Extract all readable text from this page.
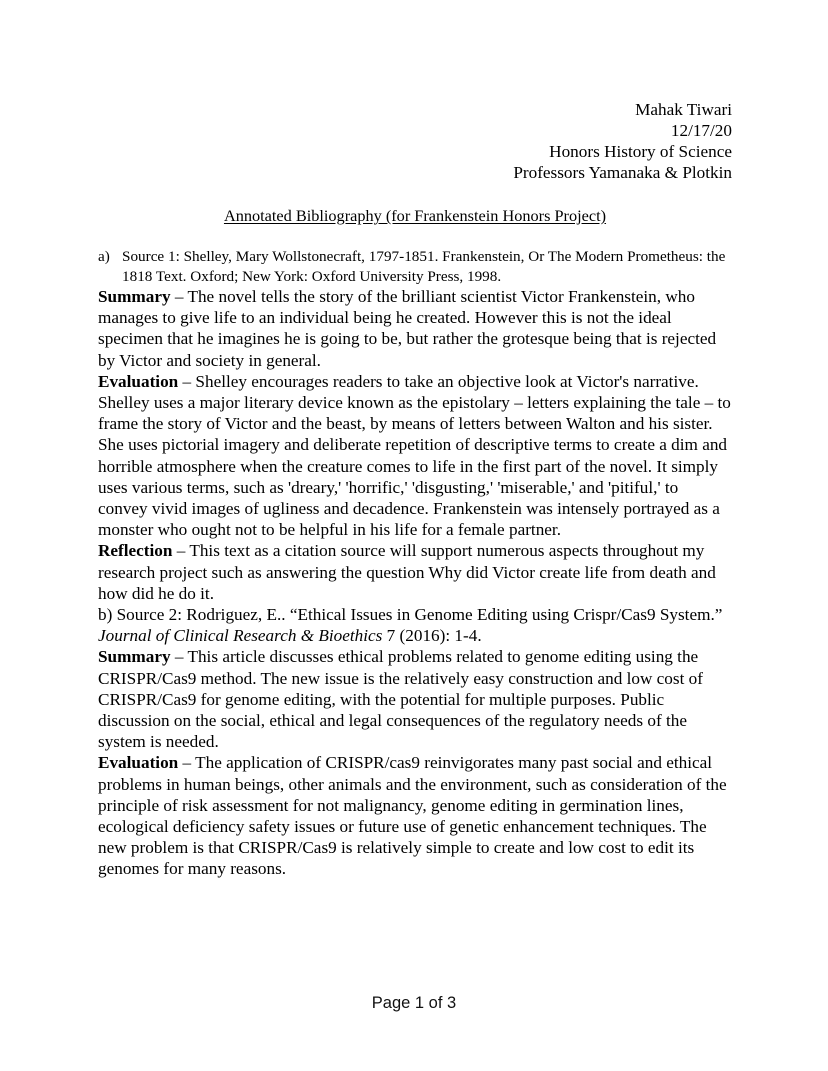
Mahak Tiwari
12/17/20
Honors History of Science
Professors Yamanaka & Plotkin
Annotated Bibliography (for Frankenstein Honors Project)
a) Source 1: Shelley, Mary Wollstonecraft, 1797-1851. Frankenstein, Or The Modern Prometheus: the 1818 Text. Oxford; New York: Oxford University Press, 1998.

Summary – The novel tells the story of the brilliant scientist Victor Frankenstein, who manages to give life to an individual being he created. However this is not the ideal specimen that he imagines he is going to be, but rather the grotesque being that is rejected by Victor and society in general.

Evaluation – Shelley encourages readers to take an objective look at Victor's narrative. Shelley uses a major literary device known as the epistolary – letters explaining the tale – to frame the story of Victor and the beast, by means of letters between Walton and his sister. She uses pictorial imagery and deliberate repetition of descriptive terms to create a dim and horrible atmosphere when the creature comes to life in the first part of the novel. It simply uses various terms, such as 'dreary,' 'horrific,' 'disgusting,' 'miserable,' and 'pitiful,' to convey vivid images of ugliness and decadence. Frankenstein was intensely portrayed as a monster who ought not to be helpful in his life for a female partner.

Reflection – This text as a citation source will support numerous aspects throughout my research project such as answering the question Why did Victor create life from death and how did he do it.

b) Source 2: Rodriguez, E.. “Ethical Issues in Genome Editing using Crispr/Cas9 System.” Journal of Clinical Research & Bioethics 7 (2016): 1-4.

Summary – This article discusses ethical problems related to genome editing using the CRISPR/Cas9 method. The new issue is the relatively easy construction and low cost of CRISPR/Cas9 for genome editing, with the potential for multiple purposes. Public discussion on the social, ethical and legal consequences of the regulatory needs of the system is needed.

Evaluation – The application of CRISPR/cas9 reinvigorates many past social and ethical problems in human beings, other animals and the environment, such as consideration of the principle of risk assessment for not malignancy, genome editing in germination lines, ecological deficiency safety issues or future use of genetic enhancement techniques. The new problem is that CRISPR/Cas9 is relatively simple to create and low cost to edit its genomes for many reasons.

Page 1 of 3
